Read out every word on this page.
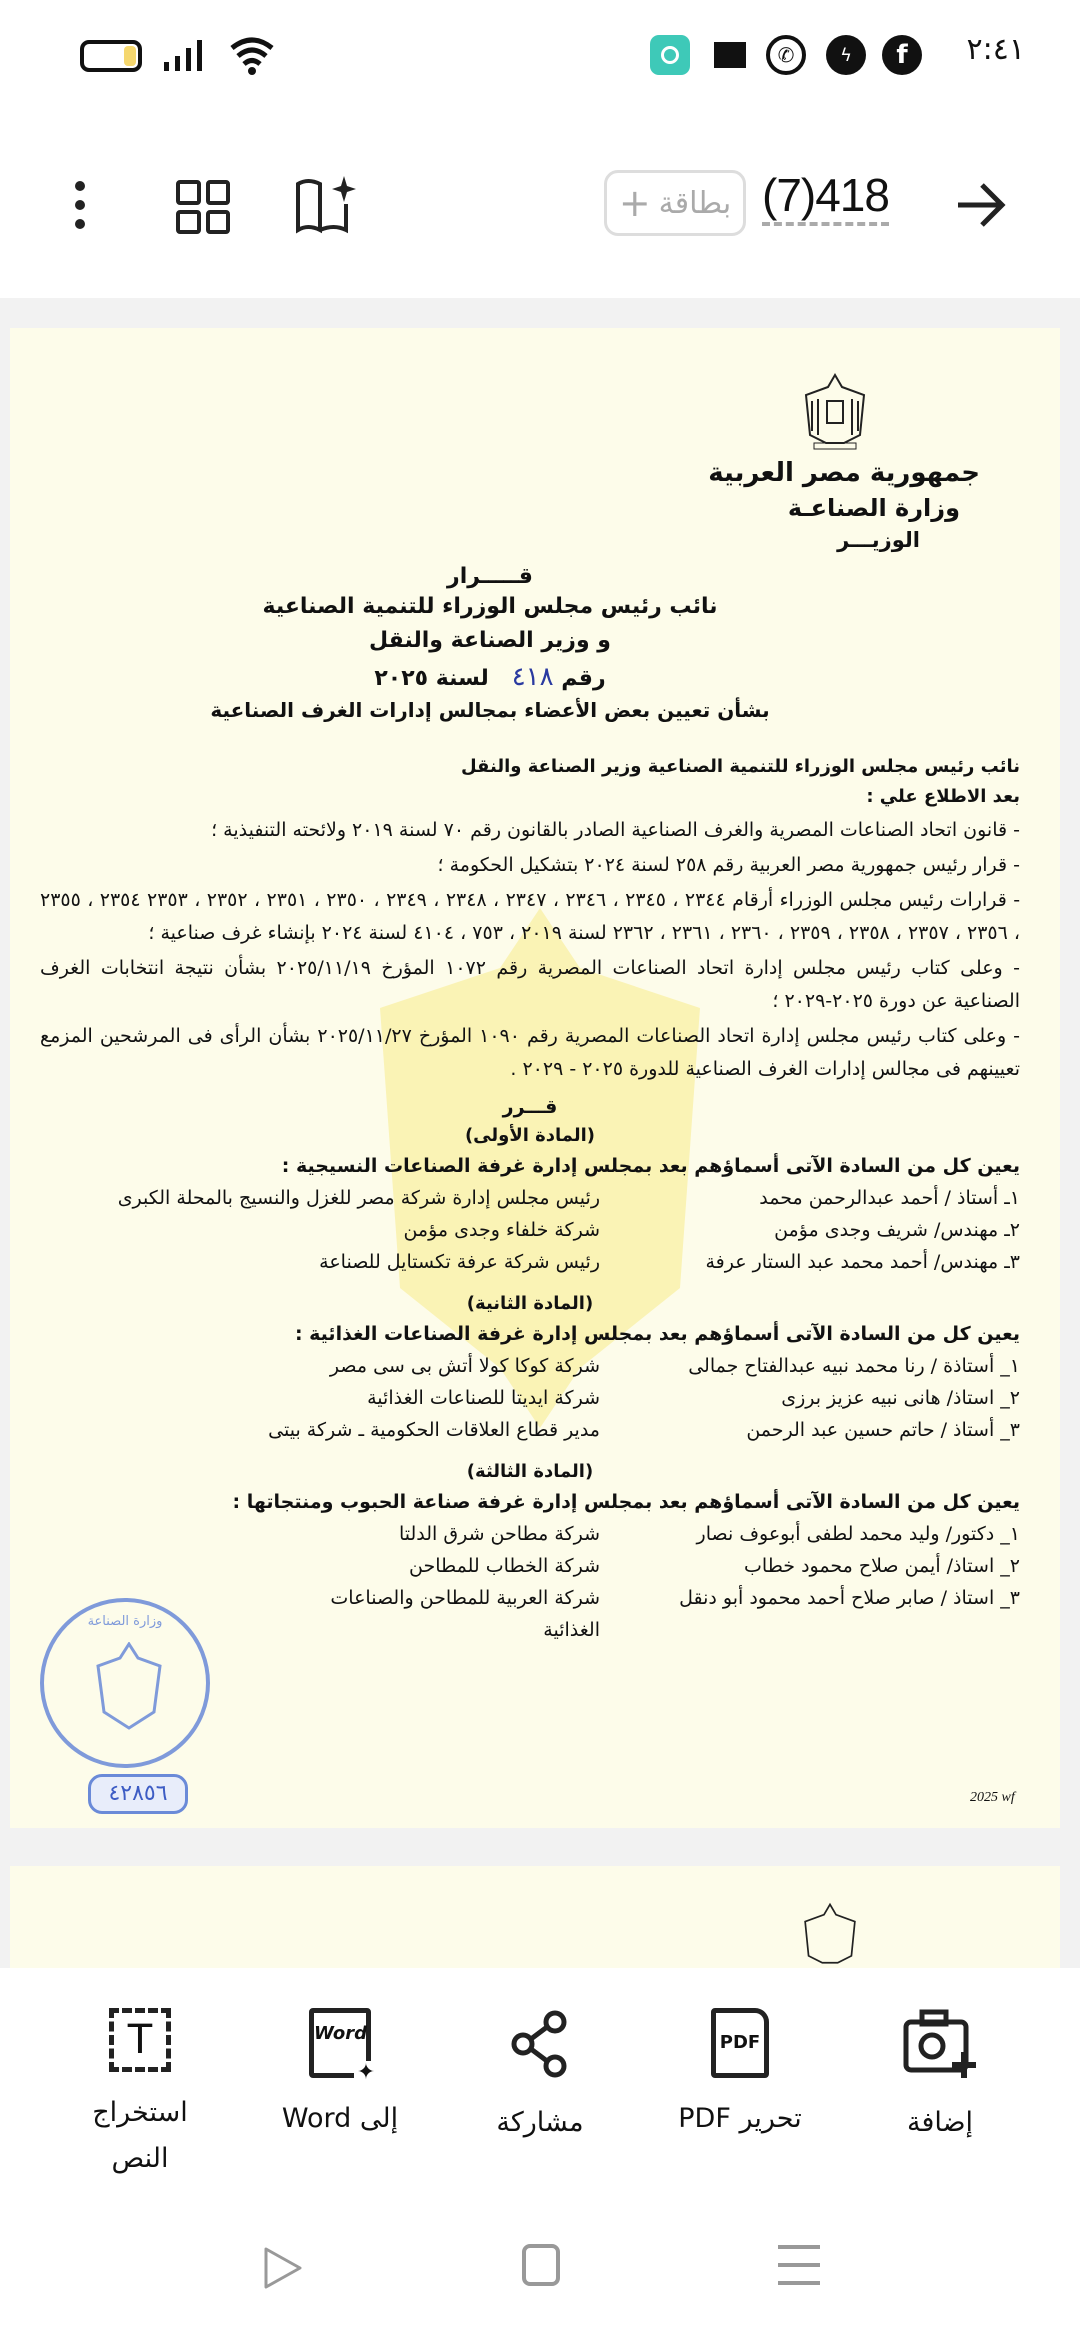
✆	ϟ	f	٢:٤١
+ بطاقة (7)418
جمهورية مصر العربية
وزارة الصناعـة
الوزيـــر
قـــــرار
نائب رئيس مجلس الوزراء للتنمية الصناعية
و وزير الصناعة والنقل
رقم ٤١٨   لسنة ٢٠٢٥
بشأن تعيين بعض الأعضاء بمجالس إدارات الغرف الصناعية
نائب رئيس مجلس الوزراء للتنمية الصناعية وزير الصناعة والنقل
بعد الاطلاع علي :
- قانون اتحاد الصناعات المصرية والغرف الصناعية الصادر بالقانون رقم ٧٠ لسنة ٢٠١٩ ولائحته التنفيذية ؛
- قرار رئيس جمهورية مصر العربية رقم ٢٥٨ لسنة ٢٠٢٤ بتشكيل الحكومة ؛
- قرارات رئيس مجلس الوزراء أرقام ٢٣٤٤ ، ٢٣٤٥ ، ٢٣٤٦ ، ٢٣٤٧ ، ٢٣٤٨ ، ٢٣٤٩ ، ٢٣٥٠ ، ٢٣٥١ ، ٢٣٥٢ ، ٢٣٥٣ ٢٣٥٤ ، ٢٣٥٥ ، ٢٣٥٦ ، ٢٣٥٧ ، ٢٣٥٨ ، ٢٣٥٩ ، ٢٣٦٠ ، ٢٣٦١ ، ٢٣٦٢ لسنة ٢٠١٩ ، ٧٥٣ ، ٤١٠٤ لسنة ٢٠٢٤ بإنشاء غرف صناعية ؛
- وعلى كتاب رئيس مجلس إدارة اتحاد الصناعات المصرية رقم ١٠٧٢ المؤرخ ٢٠٢٥/١١/١٩ بشأن نتيجة انتخابات الغرف الصناعية عن دورة ٢٠٢٥-٢٠٢٩ ؛
- وعلى كتاب رئيس مجلس إدارة اتحاد الصناعات المصرية رقم ١٠٩٠ المؤرخ ٢٠٢٥/١١/٢٧ بشأن الرأى فى المرشحين المزمع تعيينهم فى مجالس إدارات الغرف الصناعية للدورة ٢٠٢٥ - ٢٠٢٩ .
قـــرر
(المادة الأولى)
يعين كل من السادة الآتى أسماؤهم بعد بمجلس إدارة غرفة الصناعات النسيجية :
١ـ أستاذ / أحمد عبدالرحمن محمد
رئيس مجلس إدارة شركة مصر للغزل والنسيج بالمحلة الكبرى
٢ـ مهندس/ شريف وجدى مؤمن
شركة خلفاء وجدى مؤمن
٣ـ مهندس/ أحمد محمد عبد الستار عرفة
رئيس شركة عرفة تكستايل للصناعة
(المادة الثانية)
يعين كل من السادة الآتى أسماؤهم بعد بمجلس إدارة غرفة الصناعات الغذائية :
١_ أستاذة / رنا محمد نبيه عبدالفتاح جمالى
شركة كوكا كولا أتش بى سى مصر
٢_ استاذ/ هانى نبيه عزيز برزى
شركة ايديتا للصناعات الغذائية
٣_ أستاذ / حاتم حسين عبد الرحمن
مدير قطاع العلاقات الحكومية ـ شركة بيتى
(المادة الثالثة)
يعين كل من السادة الآتى أسماؤهم بعد بمجلس إدارة غرفة صناعة الحبوب ومنتجاتها :
١_ دكتور/ وليد محمد لطفى أبوعوف نصار
شركة مطاحن شرق الدلتا
٢_ استاذ/ أيمن صلاح محمود خطاب
شركة الخطاب للمطاحن
٣_ استاذ / صابر صلاح أحمد محمود أبو دنقل
شركة العربية للمطاحن والصناعات الغذائية
وزارة الصناعة
٤٢٨٥٦	2025 wf
إضافة
PDF
تحرير PDF
مشاركة
Word
✦
إلى Word
T
استخراج النص
